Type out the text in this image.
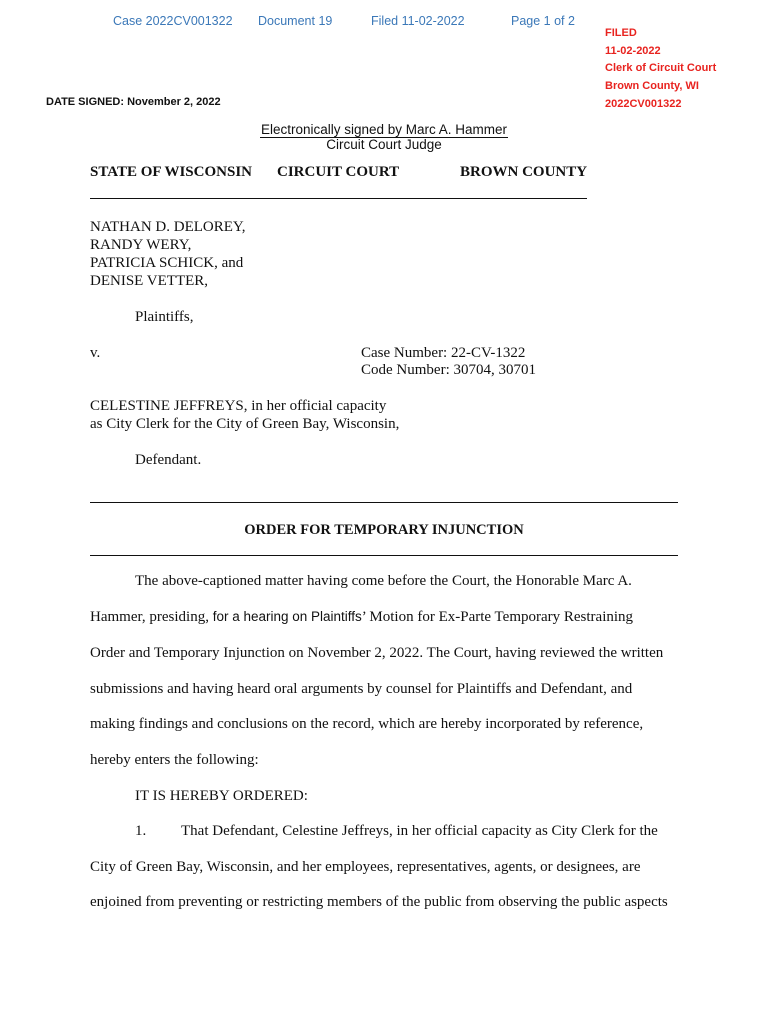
Case 2022CV001322 Document 19	Filed 11-02-2022	Page 1 of 2
FILED
11-02-2022
Clerk of Circuit Court
Brown County, WI
2022CV001322
DATE SIGNED: November 2, 2022
Electronically signed by Marc A. Hammer
Circuit Court Judge
STATE OF WISCONSIN CIRCUIT COURT	BROWN COUNTY
NATHAN D. DELOREY,
RANDY WERY,
PATRICIA SCHICK, and
DENISE VETTER,
Plaintiffs,
v.	Case Number: 22-CV-1322
Code Number: 30704, 30701
CELESTINE JEFFREYS, in her official capacity
as City Clerk for the City of Green Bay, Wisconsin,
Defendant.
ORDER FOR TEMPORARY INJUNCTION
The above-captioned matter having come before the Court, the Honorable Marc A.
Hammer, presiding, for a hearing on Plaintiffs’ Motion for Ex-Parte Temporary Restraining
Order and Temporary Injunction on November 2, 2022. The Court, having reviewed the written
submissions and having heard oral arguments by counsel for Plaintiffs and Defendant, and
making findings and conclusions on the record, which are hereby incorporated by reference,
hereby enters the following:
IT IS HEREBY ORDERED:
1. That Defendant, Celestine Jeffreys, in her official capacity as City Clerk for the
City of Green Bay, Wisconsin, and her employees, representatives, agents, or designees, are
enjoined from preventing or restricting members of the public from observing the public aspects
